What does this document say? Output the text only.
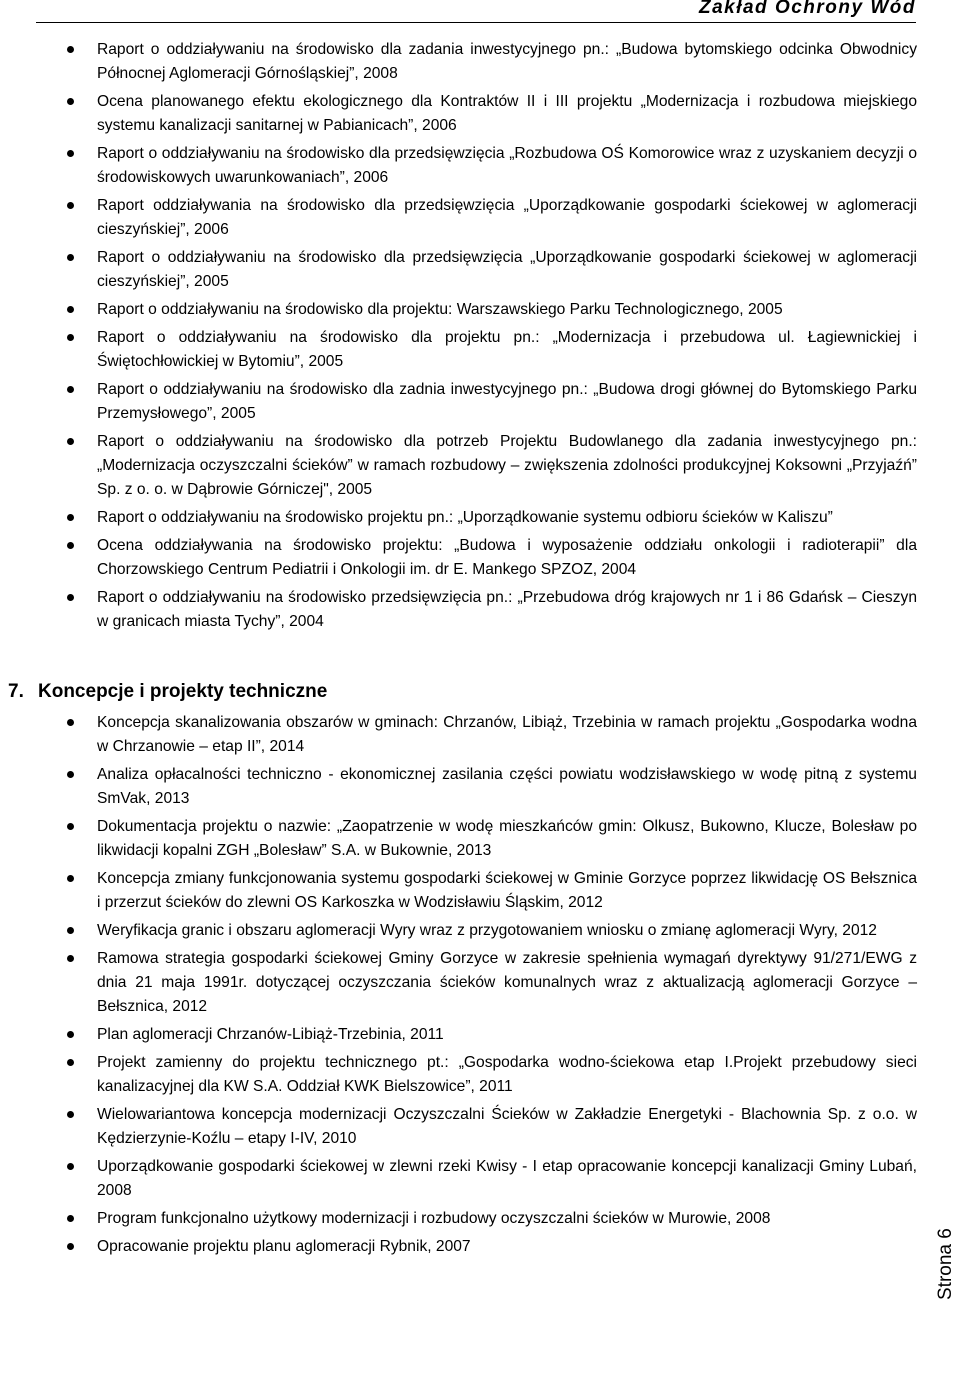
Zakład Ochrony Wód
Raport o oddziaływaniu na środowisko dla zadania inwestycyjnego pn.: „Budowa bytomskiego odcinka Obwodnicy Północnej Aglomeracji Górnośląskiej”, 2008
Ocena planowanego efektu ekologicznego dla Kontraktów II i III projektu „Modernizacja i rozbudowa miejskiego systemu kanalizacji sanitarnej w Pabianicach”, 2006
Raport o oddziaływaniu na środowisko dla przedsięwzięcia „Rozbudowa OŚ Komorowice wraz z uzyskaniem decyzji o środowiskowych uwarunkowaniach”, 2006
Raport oddziaływania na środowisko dla przedsięwzięcia „Uporządkowanie gospodarki ściekowej w aglomeracji cieszyńskiej”, 2006
Raport o oddziaływaniu na środowisko dla przedsięwzięcia „Uporządkowanie gospodarki ściekowej w aglomeracji cieszyńskiej”, 2005
Raport o oddziaływaniu na środowisko dla projektu: Warszawskiego Parku Technologicznego, 2005
Raport o oddziaływaniu na środowisko dla projektu pn.: „Modernizacja i przebudowa ul. Łagiewnickiej i Świętochłowickiej w Bytomiu”, 2005
Raport o oddziaływaniu na środowisko dla zadnia inwestycyjnego pn.: „Budowa drogi głównej do Bytomskiego Parku Przemysłowego”, 2005
Raport o oddziaływaniu na środowisko dla potrzeb Projektu Budowlanego dla zadania inwestycyjnego pn.: „Modernizacja oczyszczalni ścieków” w ramach rozbudowy – zwiększenia zdolności produkcyjnej Koksowni „Przyjaźń” Sp. z o. o. w Dąbrowie Górniczej", 2005
Raport o oddziaływaniu na środowisko projektu pn.: „Uporządkowanie systemu odbioru ścieków w Kaliszu”
Ocena oddziaływania na środowisko projektu: „Budowa i wyposażenie oddziału onkologii i radioterapii” dla Chorzowskiego Centrum Pediatrii i Onkologii im. dr E. Mankego SPZOZ, 2004
Raport o oddziaływaniu na środowisko przedsięwzięcia pn.: „Przebudowa dróg krajowych nr 1 i 86 Gdańsk – Cieszyn w granicach miasta Tychy”, 2004
7. Koncepcje i projekty techniczne
Koncepcja skanalizowania obszarów w gminach: Chrzanów, Libiąż, Trzebinia w ramach projektu „Gospodarka wodna w Chrzanowie – etap II”, 2014
Analiza opłacalności techniczno - ekonomicznej zasilania części powiatu wodzisławskiego w wodę pitną z systemu SmVak, 2013
Dokumentacja projektu o nazwie: „Zaopatrzenie w wodę mieszkańców gmin: Olkusz, Bukowno, Klucze, Bolesław po likwidacji kopalni ZGH „Bolesław” S.A. w Bukownie, 2013
Koncepcja zmiany funkcjonowania systemu gospodarki ściekowej w Gminie Gorzyce poprzez likwidację OS Bełsznica i przerzut ścieków do zlewni OS Karkoszka w Wodzisławiu Śląskim, 2012
Weryfikacja granic i obszaru aglomeracji Wyry wraz z przygotowaniem wniosku o zmianę aglomeracji Wyry, 2012
Ramowa strategia gospodarki ściekowej Gminy Gorzyce w zakresie spełnienia wymagań dyrektywy 91/271/EWG z dnia 21 maja 1991r. dotyczącej oczyszczania ścieków komunalnych wraz z aktualizacją aglomeracji Gorzyce – Bełsznica, 2012
Plan aglomeracji Chrzanów-Libiąż-Trzebinia, 2011
Projekt zamienny do projektu technicznego pt.: „Gospodarka wodno-ściekowa etap I.Projekt przebudowy sieci kanalizacyjnej dla KW S.A. Oddział KWK Bielszowice”, 2011
Wielowariantowa koncepcja modernizacji Oczyszczalni Ścieków w Zakładzie Energetyki - Blachownia Sp. z o.o. w Kędzierzynie-Koźlu – etapy I-IV, 2010
Uporządkowanie gospodarki ściekowej w zlewni rzeki Kwisy - I etap opracowanie koncepcji kanalizacji Gminy Lubań, 2008
Program funkcjonalno użytkowy modernizacji i rozbudowy oczyszczalni ścieków w Murowie, 2008
Opracowanie projektu planu aglomeracji Rybnik, 2007	Strona 6
